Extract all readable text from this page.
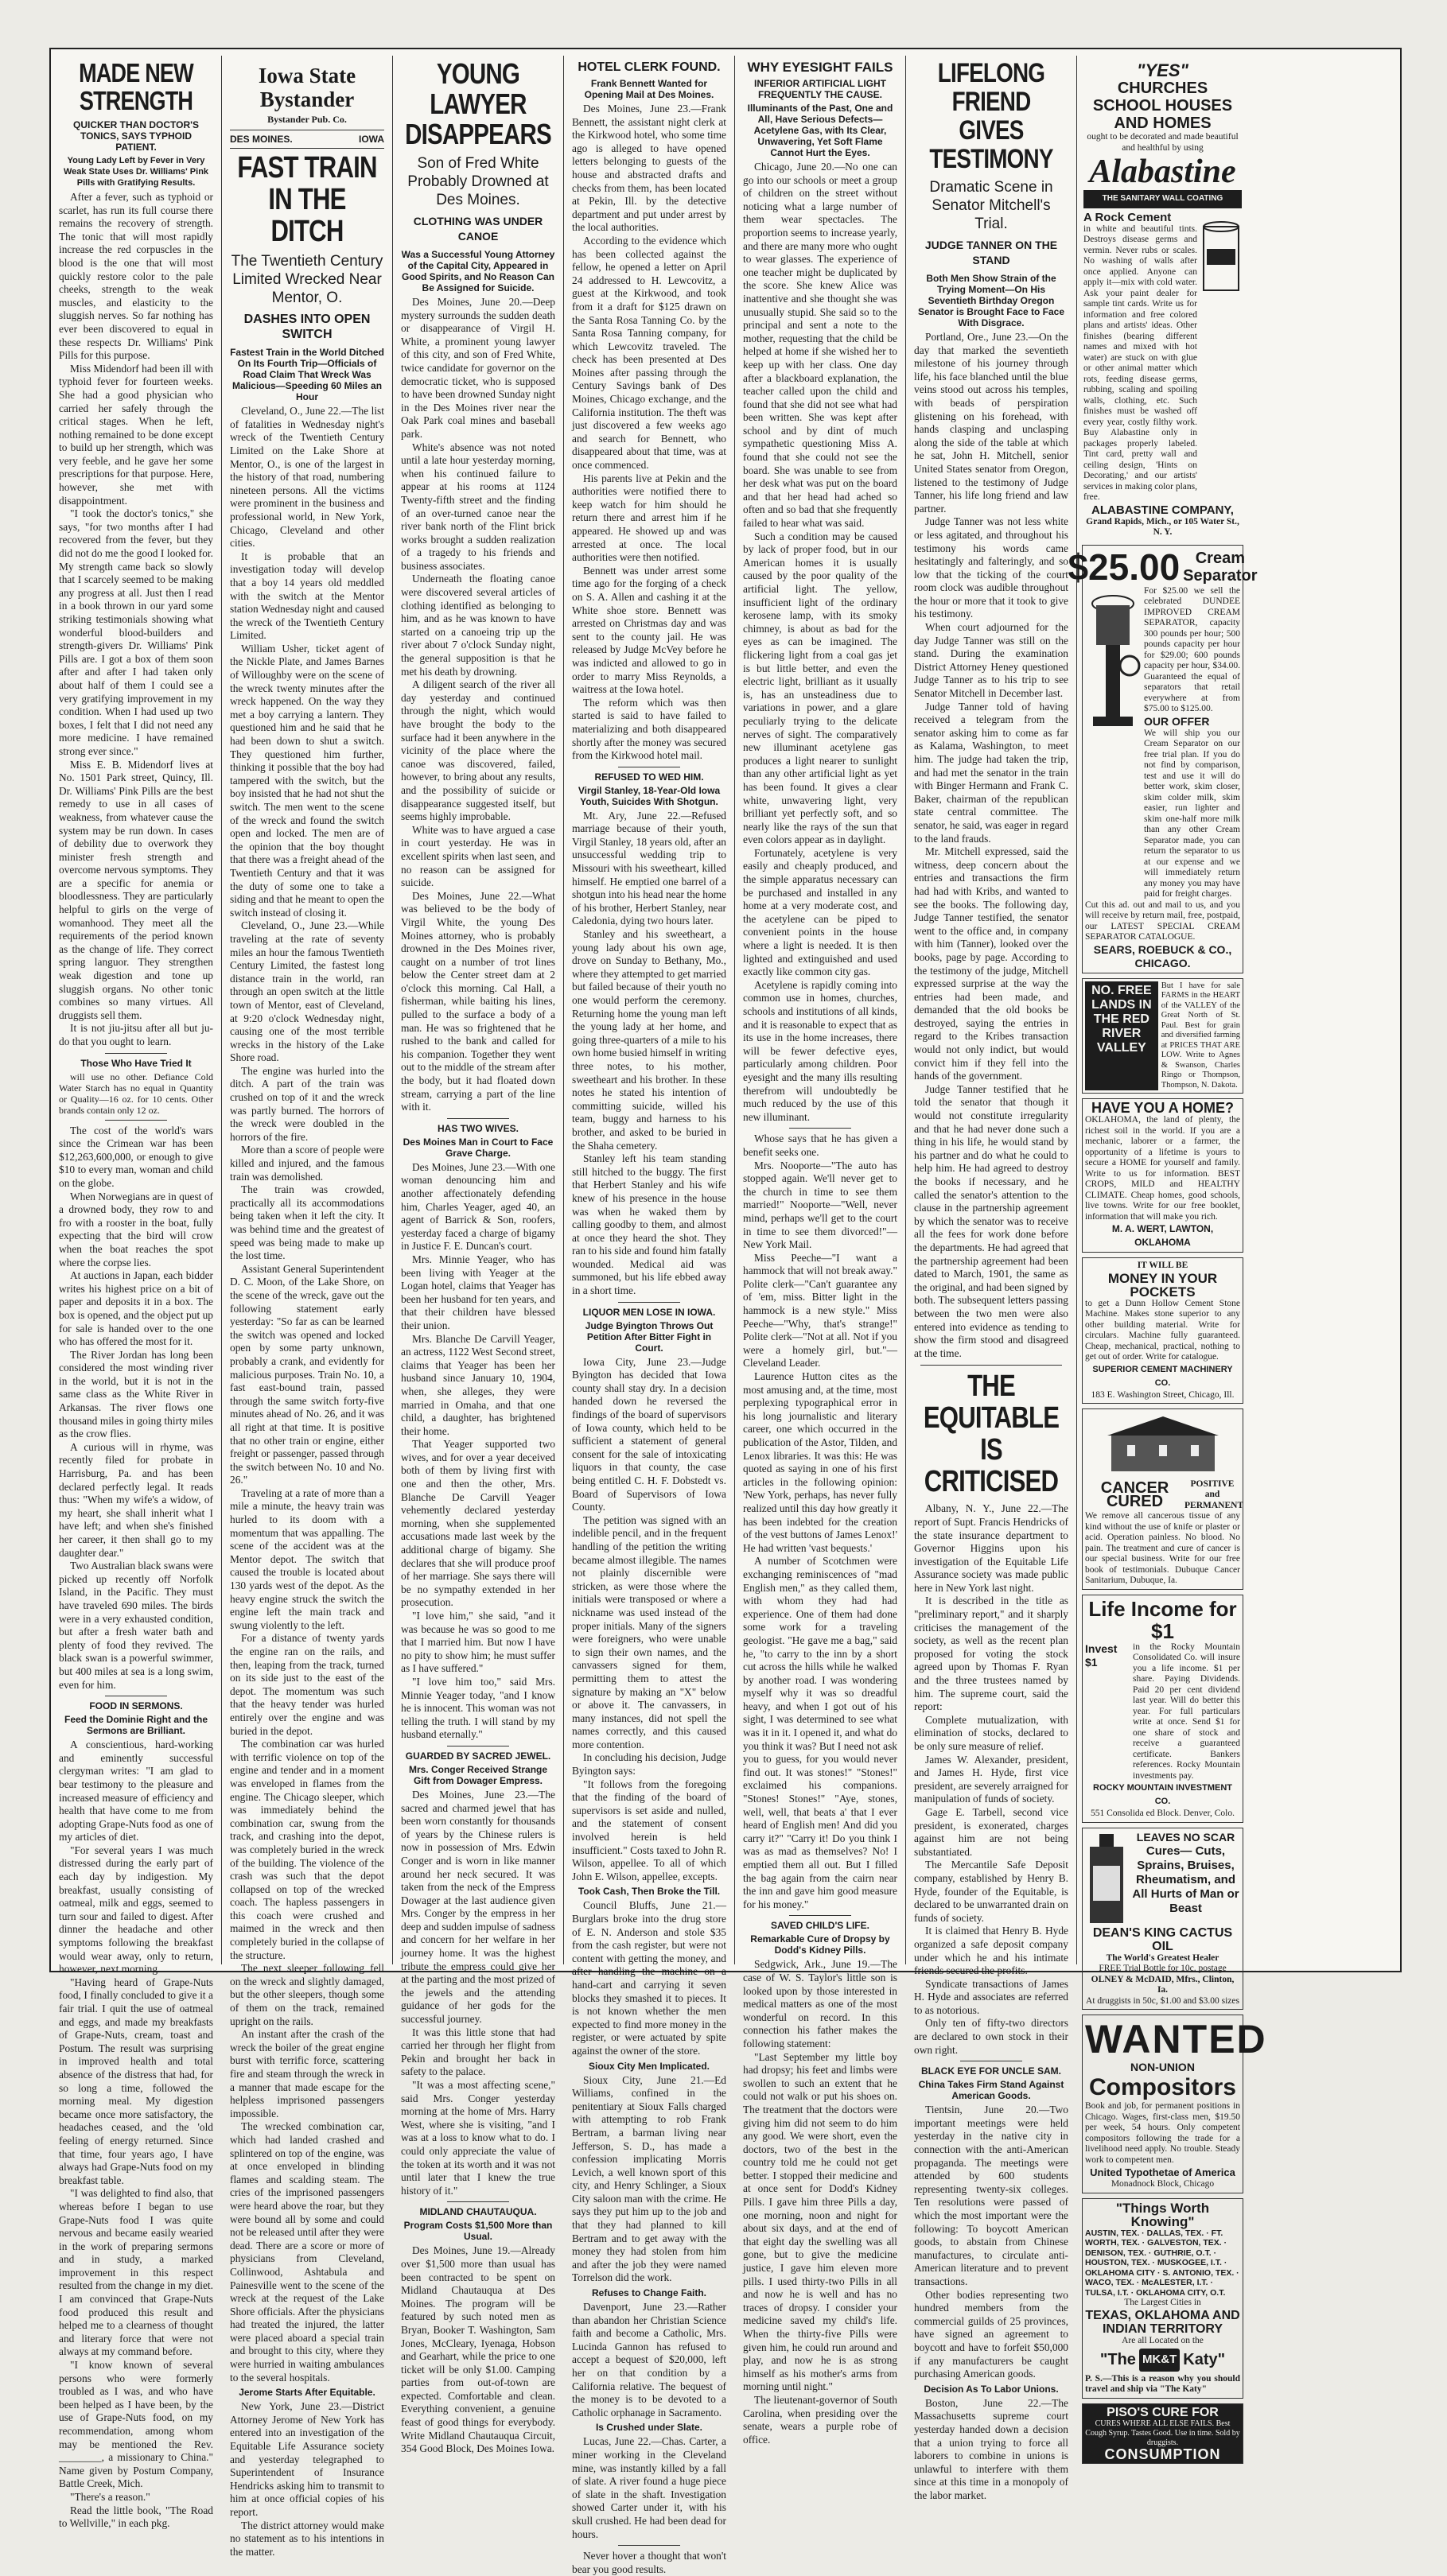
MADE NEW STRENGTH
QUICKER THAN DOCTOR'S TONICS, SAYS TYPHOID PATIENT.
Young Lady Left by Fever in Very Weak State Uses Dr. Williams' Pink Pills with Gratifying Results.

After a fever, such as typhoid or scarlet, has run its full course there remains the recovery of strength. The tonic that will most rapidly increase the red corpuscles in the blood is the one that will most quickly restore color to the pale cheeks, strength to the weak muscles, and elasticity to the sluggish nerves. So far nothing has ever been discovered to equal in these respects Dr. Williams' Pink Pills for this purpose.

Miss Midendorf had been ill with typhoid fever for fourteen weeks. She had a good physician who carried her safely through the critical stages. When he left, nothing remained to be done except to build up her strength, which was very feeble, and he gave her some prescriptions for that purpose. Here, however, she met with disappointment.

"I took the doctor's tonics," she says, "for two months after I had recovered from the fever, but they did not do me the good I looked for. My strength came back so slowly that I scarcely seemed to be making any progress at all. Just then I read in a book thrown in our yard some striking testimonials showing what wonderful blood-builders and strength-givers Dr. Williams' Pink Pills are. I got a box of them soon after and after I had taken only about half of them I could see a very gratifying improvement in my condition. When I had used up two boxes, I felt that I did not need any more medicine. I have remained strong ever since."

Miss E. B. Midendorf lives at No. 1501 Park street, Quincy, Ill. Dr. Williams' Pink Pills are the best remedy to use in all cases of weakness, from whatever cause the system may be run down. In cases of debility due to overwork they minister fresh strength and overcome nervous symptoms. They are a specific for anemia or bloodlessness. They are particularly helpful to girls on the verge of womanhood. They meet all the requirements of the period known as the change of life. They correct spring languor. They strengthen weak digestion and tone up sluggish organs. No other tonic combines so many virtues. All druggists sell them.

It is not jiu-jitsu after all but ju-do that you ought to learn.

Those Who Have Tried It

will use no other. Defiance Cold Water Starch has no equal in Quantity or Quality—16 oz. for 10 cents. Other brands contain only 12 oz.

The cost of the world's wars since the Crimean war has been $12,263,600,000, or enough to give $10 to every man, woman and child on the globe.

When Norwegians are in quest of a drowned body, they row to and fro with a rooster in the boat, fully expecting that the bird will crow when the boat reaches the spot where the corpse lies.

At auctions in Japan, each bidder writes his highest price on a bit of paper and deposits it in a box. The box is opened, and the object put up for sale is handed over to the one who has offered the most for it.

The River Jordan has long been considered the most winding river in the world, but it is not in the same class as the White River in Arkansas. The river flows one thousand miles in going thirty miles as the crow flies.

A curious will in rhyme, was recently filed for probate in Harrisburg, Pa. and has been declared perfectly legal. It reads thus: "When my wife's a widow, of my heart, she shall inherit what I have left; and when she's finished her career, it then shall go to my daughter dear."

Two Australian black swans were picked up recently off Norfolk Island, in the Pacific. They must have traveled 690 miles. The birds were in a very exhausted condition, but after a fresh water bath and plenty of food they revived. The black swan is a powerful swimmer, but 400 miles at sea is a long swim, even for him.

FOOD IN SERMONS.
Feed the Dominie Right and the Sermons are Brilliant.

A conscientious, hard-working and eminently successful clergyman writes: "I am glad to bear testimony to the pleasure and increased measure of efficiency and health that have come to me from adopting Grape-Nuts food as one of my articles of diet.

"For several years I was much distressed during the early part of each day by indigestion. My breakfast, usually consisting of oatmeal, milk and eggs, seemed to turn sour and failed to digest. After dinner the headache and other symptoms following the breakfast would wear away, only to return, however, next morning.

"Having heard of Grape-Nuts food, I finally concluded to give it a fair trial. I quit the use of oatmeal and eggs, and made my breakfasts of Grape-Nuts, cream, toast and Postum. The result was surprising in improved health and total absence of the distress that had, for so long a time, followed the morning meal. My digestion became once more satisfactory, the headaches ceased, and the 'old feeling of energy returned. Since that time, four years ago, I have always had Grape-Nuts food on my breakfast table.

"I was delighted to find also, that whereas before I began to use Grape-Nuts food I was quite nervous and became easily wearied in the work of preparing sermons and in study, a marked improvement in this respect resulted from the change in my diet. I am convinced that Grape-Nuts food produced this result and helped me to a clearness of thought and literary force that were not always at my command before.

"I know known of several persons who were formerly troubled as I was, and who have been helped as I have been, by the use of Grape-Nuts food, on my recommendation, among whom may be mentioned the Rev. ________, a missionary to China." Name given by Postum Company, Battle Creek, Mich.

"There's a reason."

Read the little book, "The Road to Wellville," in each pkg.

Iowa State Bystander
Bystander Pub. Co.
DES MOINES.	IOWA
FAST TRAIN IN THE DITCH
The Twentieth Century Limited Wrecked Near Mentor, O.
DASHES INTO OPEN SWITCH
Fastest Train in the World Ditched On Its Fourth Trip—Officials of Road Claim That Wreck Was Malicious—Speeding 60 Miles an Hour

Cleveland, O., June 22.—The list of fatalities in Wednesday night's wreck of the Twentieth Century Limited on the Lake Shore at Mentor, O., is one of the largest in the history of that road, numbering nineteen persons. All the victims were prominent in the business and professional world, in New York, Chicago, Cleveland and other cities.

It is probable that an investigation today will develop that a boy 14 years old meddled with the switch at the Mentor station Wednesday night and caused the wreck of the Twentieth Century Limited.

William Usher, ticket agent of the Nickle Plate, and James Barnes of Willoughby were on the scene of the wreck twenty minutes after the wreck happened. On the way they met a boy carrying a lantern. They questioned him and he said that he had been down to shut a switch. They questioned him further, thinking it possible that the boy had tampered with the switch, but the boy insisted that he had not shut the switch. The men went to the scene of the wreck and found the switch open and locked. The men are of the opinion that the boy thought that there was a freight ahead of the Twentieth Century and that it was the duty of some one to take a siding and that he meant to open the switch instead of closing it.

Cleveland, O., June 23.—While traveling at the rate of seventy miles an hour the famous Twentieth Century Limited, the fastest long distance train in the world, ran through an open switch at the little town of Mentor, east of Cleveland, at 9:20 o'clock Wednesday night, causing one of the most terrible wrecks in the history of the Lake Shore road.

The engine was hurled into the ditch. A part of the train was crushed on top of it and the wreck was partly burned. The horrors of the wreck were doubled in the horrors of the fire.

More than a score of people were killed and injured, and the famous train was demolished.

The train was crowded, practically all its accommodations being taken when it left the city. It was behind time and the greatest of speed was being made to make up the lost time.

Assistant General Superintendent D. C. Moon, of the Lake Shore, on the scene of the wreck, gave out the following statement early yesterday: "So far as can be learned the switch was opened and locked open by some party unknown, probably a crank, and evidently for malicious purposes. Train No. 10, a fast east-bound train, passed through the same switch forty-five minutes ahead of No. 26, and it was all right at that time. It is positive that no other train or engine, either freight or passenger, passed through the switch between No. 10 and No. 26."

Traveling at a rate of more than a mile a minute, the heavy train was hurled to its doom with a momentum that was appalling. The scene of the accident was at the Mentor depot. The switch that caused the trouble is located about 130 yards west of the depot. As the heavy engine struck the switch the engine left the main track and swung violently to the left.

For a distance of twenty yards the engine ran on the rails, and then, leaping from the track, turned on its side just to the east of the depot. The momentum was such that the heavy tender was hurled entirely over the engine and was buried in the depot.

The combination car was hurled with terrific violence on top of the engine and tender and in a moment was enveloped in flames from the engine. The Chicago sleeper, which was immediately behind the combination car, swung from the track, and crashing into the depot, was completely buried in the wreck of the building. The violence of the crash was such that the depot collapsed on top of the wrecked coach. The hapless passengers in this coach were crushed and maimed in the wreck and then completely buried in the collapse of the structure.

The next sleeper following fell on the wreck and slightly damaged, but the other sleepers, though some of them on the track, remained upright on the rails.

An instant after the crash of the wreck the boiler of the great engine burst with terrific force, scattering fire and steam through the wreck in a manner that made escape for the helpless imprisoned passengers impossible.

The wrecked combination car, which had landed crashed and splintered on top of the engine, was at once enveloped in blinding flames and scalding steam. The cries of the imprisoned passengers were heard above the roar, but they were bound all by some and could not be released until after they were dead. There are a score or more of physicians from Cleveland, Collinwood, Ashtabula and Painesville went to the scene of the wreck at the request of the Lake Shore officials. After the physicians had treated the injured, the latter were placed aboard a special train and brought to this city, where they were hurried in waiting ambulances to the several hospitals.

Jerome Starts After Equitable.

New York, June 23.—District Attorney Jerome of New York has entered into an investigation of the Equitable Life Assurance society and yesterday telegraphed to Superintendent of Insurance Hendricks asking him to transmit to him at once official copies of his report.

The district attorney would make no statement as to his intentions in the matter.

YOUNG LAWYER DISAPPEARS
Son of Fred White Probably Drowned at Des Moines.
CLOTHING WAS UNDER CANOE
Was a Successful Young Attorney of the Capital City, Appeared in Good Spirits, and No Reason Can Be Assigned for Suicide.

Des Moines, June 20.—Deep mystery surrounds the sudden death or disappearance of Virgil H. White, a prominent young lawyer of this city, and son of Fred White, twice candidate for governor on the democratic ticket, who is supposed to have been drowned Sunday night in the Des Moines river near the Oak Park coal mines and baseball park.

White's absence was not noted until a late hour yesterday morning, when his continued failure to appear at his rooms at 1124 Twenty-fifth street and the finding of an over-turned canoe near the river bank north of the Flint brick works brought a sudden realization of a tragedy to his friends and business associates.

Underneath the floating canoe were discovered several articles of clothing identified as belonging to him, and as he was known to have started on a canoeing trip up the river about 7 o'clock Sunday night, the general supposition is that he met his death by drowning.

A diligent search of the river all day yesterday and continued through the night, which would have brought the body to the surface had it been anywhere in the vicinity of the place where the canoe was discovered, failed, however, to bring about any results, and the possibility of suicide or disappearance suggested itself, but seems highly improbable.

White was to have argued a case in court yesterday. He was in excellent spirits when last seen, and no reason can be assigned for suicide.

Des Moines, June 22.—What was believed to be the body of Virgil White, the young Des Moines attorney, who is probably drowned in the Des Moines river, caught on a number of trot lines below the Center street dam at 2 o'clock this morning. Cal Hall, a fisherman, while baiting his lines, pulled to the surface a body of a man. He was so frightened that he rushed to the bank and called for his companion. Together they went out to the middle of the stream after the body, but it had floated down stream, carrying a part of the line with it.

HAS TWO WIVES.
Des Moines Man in Court to Face Grave Charge.

Des Moines, June 23.—With one woman denouncing him and another affectionately defending him, Charles Yeager, aged 40, an agent of Barrick & Son, roofers, yesterday faced a charge of bigamy in Justice F. E. Duncan's court.

Mrs. Minnie Yeager, who has been living with Yeager at the Logan hotel, claims that Yeager has been her husband for ten years, and that their children have blessed their union.

Mrs. Blanche De Carvill Yeager, an actress, 1122 West Second street, claims that Yeager has been her husband since January 10, 1904, when, she alleges, they were married in Omaha, and that one child, a daughter, has brightened their home.

That Yeager supported two wives, and for over a year deceived both of them by living first with one and then the other, Mrs. Blanche De Carvill Yeager vehemently declared yesterday morning, when she supplemented accusations made last week by the additional charge of bigamy. She declares that she will produce proof of her marriage. She says there will be no sympathy extended in her prosecution.

"I love him," she said, "and it was because he was so good to me that I married him. But now I have no pity to show him; he must suffer as I have suffered."

"I love him too," said Mrs. Minnie Yeager today, "and I know he is innocent. This woman was not telling the truth. I will stand by my husband eternally."

GUARDED BY SACRED JEWEL.
Mrs. Conger Received Strange Gift from Dowager Empress.

Des Moines, June 23.—The sacred and charmed jewel that has been worn constantly for thousands of years by the Chinese rulers is now in possession of Mrs. Edwin Conger and is worn in like manner around her neck secured. It was taken from the neck of the Empress Dowager at the last audience given Mrs. Conger by the empress in her deep and sudden impulse of sadness and concern for her welfare in her journey home. It was the highest tribute the empress could give her at the parting and the most prized of the jewels and the attending guidance of her gods for the successful journey.

It was this little stone that had carried her through her flight from Pekin and brought her back in safety to the palace.

"It was a most affecting scene," said Mrs. Conger yesterday morning at the home of Mrs. Harry West, where she is visiting, "and I was at a loss to know what to do. I could only appreciate the value of the token at its worth and it was not until later that I knew the true history of it."

MIDLAND CHAUTAUQUA.
Program Costs $1,500 More than Usual.

Des Moines, June 19.—Already over $1,500 more than usual has been contracted to be spent on Midland Chautauqua at Des Moines. The program will be featured by such noted men as Bryan, Booker T. Washington, Sam Jones, McCleary, Iyenaga, Hobson and Gearhart, while the price to one ticket will be only $1.00. Camping parties from out-of-town are expected. Comfortable and clean. Everything convenient, a genuine feast of good things for everybody. Write Midland Chautauqua Circuit, 354 Good Block, Des Moines Iowa.

HOTEL CLERK FOUND.
Frank Bennett Wanted for Opening Mail at Des Moines.

Des Moines, June 23.—Frank Bennett, the assistant night clerk at the Kirkwood hotel, who some time ago is alleged to have opened letters belonging to guests of the house and abstracted drafts and checks from them, has been located at Pekin, Ill. by the detective department and put under arrest by the local authorities.

According to the evidence which has been collected against the fellow, he opened a letter on April 24 addressed to H. Lewcovitz, a guest at the Kirkwood, and took from it a draft for $125 drawn on the Santa Rosa Tanning Co. by the Santa Rosa Tanning company, for which Lewcovitz traveled. The check has been presented at Des Moines after passing through the Century Savings bank of Des Moines, Chicago exchange, and the California institution. The theft was just discovered a few weeks ago and search for Bennett, who disappeared about that time, was at once commenced.

His parents live at Pekin and the authorities were notified there to keep watch for him should he return there and arrest him if he appeared. He showed up and was arrested at once. The local authorities were then notified.

Bennett was under arrest some time ago for the forging of a check on S. A. Allen and cashing it at the White shoe store. Bennett was arrested on Christmas day and was sent to the county jail. He was released by Judge McVey before he was indicted and allowed to go in order to marry Miss Reynolds, a waitress at the Iowa hotel.

The reform which was then started is said to have failed to materializing and both disappeared shortly after the money was secured from the Kirkwood hotel mail.

REFUSED TO WED HIM.
Virgil Stanley, 18-Year-Old Iowa Youth, Suicides With Shotgun.

Mt. Ary, June 22.—Refused marriage because of their youth, Virgil Stanley, 18 years old, after an unsuccessful wedding trip to Missouri with his sweetheart, killed himself. He emptied one barrel of a shotgun into his head near the home of his brother, Herbert Stanley, near Caledonia, dying two hours later.

Stanley and his sweetheart, a young lady about his own age, drove on Sunday to Bethany, Mo., where they attempted to get married but failed because of their youth no one would perform the ceremony. Returning home the young man left the young lady at her home, and going three-quarters of a mile to his own home busied himself in writing three notes, to his mother, sweetheart and his brother. In these notes he stated his intention of committing suicide, willed his team, buggy and harness to his brother, and asked to be buried in the Shaha cemetery.

Stanley left his team standing still hitched to the buggy. The first that Herbert Stanley and his wife knew of his presence in the house was when he waked them by calling goodby to them, and almost at once they heard the shot. They ran to his side and found him fatally wounded. Medical aid was summoned, but his life ebbed away in a short time.

LIQUOR MEN LOSE IN IOWA.
Judge Byington Throws Out Petition After Bitter Fight in Court.

Iowa City, June 23.—Judge Byington has decided that Iowa county shall stay dry. In a decision handed down he reversed the findings of the board of supervisors of Iowa county, which held to be sufficient a statement of general consent for the sale of intoxicating liquors in that county, the case being entitled C. H. F. Dobstedt vs. Board of Supervisors of Iowa County.

The petition was signed with an indelible pencil, and in the frequent handling of the petition the writing became almost illegible. The names not plainly discernible were stricken, as were those where the initials were transposed or where a nickname was used instead of the proper initials. Many of the signers were foreigners, who were unable to sign their own names, and the canvassers signed for them, permitting them to attest the signature by making an "X" below or above it. The canvassers, in many instances, did not spell the names correctly, and this caused more contention.

In concluding his decision, Judge Byington says:

"It follows from the foregoing that the finding of the board of supervisors is set aside and nulled, and the statement of consent involved herein is held insufficient." Costs taxed to John R. Wilson, appellee. To all of which John E. Wilson, appellee, excepts.

Took Cash, Then Broke the Till.

Council Bluffs, June 21.—Burglars broke into the drug store of E. N. Anderson and stole $35 from the cash register, but were not content with getting the money, and after handling the machine on a hand-cart and carrying it seven blocks they smashed it to pieces. It is not known whether the men expected to find more money in the register, or were actuated by spite against the owner of the store.

Sioux City Men Implicated.

Sioux City, June 21.—Ed Williams, confined in the penitentiary at Sioux Falls charged with attempting to rob Frank Bertram, a barman living near Jefferson, S. D., has made a confession implicating Morris Levich, a well known sport of this city, and Henry Schlinger, a Sioux City saloon man with the crime. He says they put him up to the job and that they had planned to kill Bertram and to get away with the money they had stolen from him and after the job they were named Torrelson did the work.

Refuses to Change Faith.

Davenport, June 23.—Rather than abandon her Christian Science faith and become a Catholic, Mrs. Lucinda Gannon has refused to accept a bequest of $20,000, left her on that condition by a California relative. The bequest of the money is to be devoted to a Catholic orphanage in Sacramento.

Is Crushed under Slate.

Lucas, June 22.—Chas. Carter, a miner working in the Cleveland mine, was instantly killed by a fall of slate. A river found a huge piece of slate in the shaft. Investigation showed Carter under it, with his skull crushed. He had been dead for hours.

Never hover a thought that won't bear you good results.

WHY EYESIGHT FAILS
INFERIOR ARTIFICIAL LIGHT FREQUENTLY THE CAUSE.
Illuminants of the Past, One and All, Have Serious Defects—Acetylene Gas, with Its Clear, Unwavering, Yet Soft Flame Cannot Hurt the Eyes.

Chicago, June 20.—No one can go into our schools or meet a group of children on the street without noticing what a large number of them wear spectacles. The proportion seems to increase yearly, and there are many more who ought to wear glasses. The experience of one teacher might be duplicated by the score. She knew Alice was inattentive and she thought she was unusually stupid. She said so to the principal and sent a note to the mother, requesting that the child be helped at home if she wished her to keep up with her class. One day after a blackboard explanation, the teacher called upon the child and found that she did not see what had been written. She was kept after school and by dint of much sympathetic questioning Miss A. found that she could not see the board. She was unable to see from her desk what was put on the board and that her head had ached so often and so bad that she frequently failed to hear what was said.

Such a condition may be caused by lack of proper food, but in our American homes it is usually caused by the poor quality of the artificial light. The yellow, insufficient light of the ordinary kerosene lamp, with its smoky chimney, is about as bad for the eyes as can be imagined. The flickering light from a coal gas jet is but little better, and even the electric light, brilliant as it usually is, has an unsteadiness due to variations in power, and a glare peculiarly trying to the delicate nerves of sight. The comparatively new illuminant acetylene gas produces a light nearer to sunlight than any other artificial light as yet has been found. It gives a clear white, unwavering light, very brilliant yet perfectly soft, and so nearly like the rays of the sun that even colors appear as in daylight.

Fortunately, acetylene is very easily and cheaply produced, and the simple apparatus necessary can be purchased and installed in any home at a very moderate cost, and the acetylene can be piped to convenient points in the house where a light is needed. It is then lighted and extinguished and used exactly like common city gas.

Acetylene is rapidly coming into common use in homes, churches, schools and institutions of all kinds, and it is reasonable to expect that as its use in the home increases, there will be fewer defective eyes, particularly among children. Poor eyesight and the many ills resulting therefrom will undoubtedly be much reduced by the use of this new illuminant.

Whose says that he has given a benefit seeks one.

Mrs. Nooporte—"The auto has stopped again. We'll never get to the church in time to see them married!" Nooporte—"Well, never mind, perhaps we'll get to the court in time to see them divorced!"—New York Mail.

Miss Peeche—"I want a hammock that will not break away." Polite clerk—"Can't guarantee any of 'em, miss. Bitter light in the hammock is a new style." Miss Peeche—"Why, that's strange!" Polite clerk—"Not at all. Not if you were a homely girl, but."—Cleveland Leader.

Laurence Hutton cites as the most amusing and, at the time, most perplexing typographical error in his long journalistic and literary career, one which occurred in the publication of the Astor, Tilden, and Lenox libraries. It was this: He was quoted as saying in one of his first articles in the following opinion: 'New York, perhaps, has never fully realized until this day how greatly it has been indebted for the creation of the vest buttons of James Lenox!' He had written 'vast bequests.'

A number of Scotchmen were exchanging reminiscences of "mad English men," as they called them, with whom they had had experience. One of them had done some work for a traveling geologist. "He gave me a bag," said he, "to carry to the inn by a short cut across the hills while he walked by another road. I was wondering myself why it was so dreadful heavy, and when I got out of his sight, I was determined to see what was it in it. I opened it, and what do you think it was? But I need not ask you to guess, for you would never find out. It was stones!" "Stones!" exclaimed his companions. "Stones! Stones!" "Aye, stones, well, well, that beats a' that I ever heard of English men! And did you carry it?" "Carry it! Do you think I was as mad as themselves? No! I emptied them all out. But I filled the bag again from the cairn near the inn and gave him good measure for his money."

SAVED CHILD'S LIFE.
Remarkable Cure of Dropsy by Dodd's Kidney Pills.

Sedgwick, Ark., June 19.—The case of W. S. Taylor's little son is looked upon by those interested in medical matters as one of the most wonderful on record. In this connection his father makes the following statement:

"Last September my little boy had dropsy; his feet and limbs were swollen to such an extent that he could not walk or put his shoes on. The treatment that the doctors were giving him did not seem to do him any good. We were short, even the doctors, two of the best in the country told me he could not get better. I stopped their medicine and at once sent for Dodd's Kidney Pills. I gave him three Pills a day, one morning, noon and night for about six days, and at the end of that eight day the swelling was all gone, but to give the medicine justice, I gave him eleven more pills. I used thirty-two Pills in all and now he is well and has no traces of dropsy. I consider your medicine saved my child's life. When the thirty-five Pills were given him, he could run around and play, and now he is as strong himself as his mother's arms from morning until night."

The lieutenant-governor of South Carolina, when presiding over the senate, wears a purple robe of office.

LIFELONG FRIEND GIVES TESTIMONY
Dramatic Scene in Senator Mitchell's Trial.
JUDGE TANNER ON THE STAND
Both Men Show Strain of the Trying Moment—On His Seventieth Birthday Oregon Senator is Brought Face to Face With Disgrace.

Portland, Ore., June 23.—On the day that marked the seventieth milestone of his journey through life, his face blanched until the blue veins stood out across his temples, with beads of perspiration glistening on his forehead, with hands clasping and unclasping along the side of the table at which he sat, John H. Mitchell, senior United States senator from Oregon, listened to the testimony of Judge Tanner, his life long friend and law partner.

Judge Tanner was not less white or less agitated, and throughout his testimony his words came hesitatingly and falteringly, and so low that the ticking of the court room clock was audible throughout the hour or more that it took to give his testimony.

When court adjourned for the day Judge Tanner was still on the stand. During the examination District Attorney Heney questioned Judge Tanner as to his trip to see Senator Mitchell in December last.

Judge Tanner told of having received a telegram from the senator asking him to come as far as Kalama, Washington, to meet him. The judge had taken the trip, and had met the senator in the train with Binger Hermann and Frank C. Baker, chairman of the republican state central committee. The senator, he said, was eager in regard to the land frauds.

Mr. Mitchell expressed, said the witness, deep concern about the entries and transactions the firm had had with Kribs, and wanted to see the books. The following day, Judge Tanner testified, the senator went to the office and, in company with him (Tanner), looked over the books, page by page. According to the testimony of the judge, Mitchell expressed surprise at the way the entries had been made, and demanded that the old books be destroyed, saying the entries in regard to the Kribes transaction would not only indict, but would convict him if they fell into the hands of the government.

Judge Tanner testified that he told the senator that though it would not constitute irregularity and that he had never done such a thing in his life, he would stand by his partner and do what he could to help him. He had agreed to destroy the books if necessary, and he called the senator's attention to the clause in the partnership agreement by which the senator was to receive all the fees for work done before the departments. He had agreed that the partnership agreement had been dated to March, 1901, the same as the original, and had been signed by both. The subsequent letters passing between the two men were also entered into evidence as tending to show the firm stood and disagreed at the time.

THE EQUITABLE IS CRITICISED

Albany, N. Y., June 22.—The report of Supt. Francis Hendricks of the state insurance department to Governor Higgins upon his investigation of the Equitable Life Assurance society was made public here in New York last night.

It is described in the title as "preliminary report," and it sharply criticises the management of the society, as well as the recent plan proposed for voting the stock agreed upon by Thomas F. Ryan and the three trustees named by him. The supreme court, said the report:

Complete mutualization, with elimination of stocks, declared to be only sure measure of relief.

James W. Alexander, president, and James H. Hyde, first vice president, are severely arraigned for manipulation of funds of society.

Gage E. Tarbell, second vice president, is exonerated, charges against him are not being substantiated.

The Mercantile Safe Deposit company, established by Henry B. Hyde, founder of the Equitable, is declared to be unwarranted drain on funds of society.

It is claimed that Henry B. Hyde organized a safe deposit company under which he and his intimate friends secured the profits.

Syndicate transactions of James H. Hyde and associates are referred to as notorious.

Only ten of fifty-two directors are declared to own stock in their own right.

BLACK EYE FOR UNCLE SAM.
China Takes Firm Stand Against American Goods.

Tientsin, June 20.—Two important meetings were held yesterday in the native city in connection with the anti-American propaganda. The meetings were attended by 600 students representing twenty-six colleges. Ten resolutions were passed of which the most important were the following: To boycott American goods, to abstain from Chinese manufactures, to circulate anti-American literature and to prevent transactions.

Other bodies representing two hundred members from the commercial guilds of 25 provinces, have signed an agreement to boycott and have to forfeit $50,000 if any manufacturers be caught purchasing American goods.

Decision As To Labor Unions.

Boston, June 22.—The Massachusetts supreme court yesterday handed down a decision that a union trying to force all laborers to combine in unions is unlawful to interfere with them since at this time in a monopoly of the labor market.

"YES"
CHURCHES
SCHOOL HOUSES
AND HOMES
ought to be decorated and made beautiful and healthful by using
Alabastine
THE SANITARY WALL COATING
A Rock Cement
in white and beautiful tints. Destroys disease germs and vermin. Never rubs or scales. No washing of walls after once applied. Anyone can apply it—mix with cold water. Ask your paint dealer for sample tint cards. Write us for information and free colored plans and artists' ideas. Other finishes (bearing different names and mixed with hot water) are stuck on with glue or other animal matter which rots, feeding disease germs, rubbing, scaling and spoiling walls, clothing, etc. Such finishes must be washed off every year, costly filthy work. Buy Alabastine only in packages properly labeled. Tint card, pretty wall and ceiling design, 'Hints on Decorating,' and our artists' services in making color plans, free.
ALABASTINE COMPANY,
Grand Rapids, Mich., or 105 Water St., N. Y.
$25.00 Cream Separator
For $25.00 we sell the celebrated DUNDEE IMPROVED CREAM SEPARATOR, capacity 300 pounds per hour; 500 pounds capacity per hour for $29.00; 600 pounds capacity per hour, $34.00. Guaranteed the equal of separators that retail everywhere at from $75.00 to $125.00.
OUR OFFER
We will ship you our Cream Separator on our free trial plan. If you do not find by comparison, test and use it will do better work, skim closer, skim colder milk, skim easier, run lighter and skim one-half more milk than any other Cream Separator made, you can return the separator to us at our expense and we will immediately return any money you may have paid for freight charges.
Cut this ad. out and mail to us, and you will receive by return mail, free, postpaid, our LATEST SPECIAL CREAM SEPARATOR CATALOGUE.
SEARS, ROEBUCK & CO., CHICAGO.
NO. FREE LANDS IN THE RED RIVER VALLEY
But I have for sale FARMS in the HEART of the VALLEY of the Great North of St. Paul. Best for grain and diversified farming at PRICES THAT ARE LOW. Write to Agnes & Swanson, Charles Ringo or Thompson, Thompson, N. Dakota.
HAVE YOU A HOME?
OKLAHOMA, the land of plenty, the richest soil in the world. If you are a mechanic, laborer or a farmer, the opportunity of a lifetime is yours to secure a HOME for yourself and family. Write to us for information. BEST CROPS, MILD and HEALTHY CLIMATE. Cheap homes, good schools, live towns. Write for our free booklet, information that will make you rich.
M. A. WERT, LAWTON, OKLAHOMA
IT WILL BE
MONEY IN YOUR POCKETS
to get a Dunn Hollow Cement Stone Machine. Makes stone superior to any other building material. Write for circulars. Machine fully guaranteed. Cheap, mechanical, practical, nothing to get out of order. Write for catalogue.
SUPERIOR CEMENT MACHINERY CO.
183 E. Washington Street, Chicago, Ill.
CANCER CURED
POSITIVE and PERMANENT
We remove all cancerous tissue of any kind without the use of knife or plaster or acid. Operation painless. No blood. No pain. The treatment and cure of cancer is our special business. Write for our free book of testimonials. Dubuque Cancer Sanitarium, Dubuque, Ia.
Life Income for $1
Invest $1
in the Rocky Mountain Consolidated Co. will insure you a life income. $1 per share. Paying Dividends. Paid 20 per cent dividend last year. Will do better this year. For full particulars write at once. Send $1 for one share of stock and receive a guaranteed certificate. Bankers references. Rocky Mountain investments pay.
ROCKY MOUNTAIN INVESTMENT CO.
551 Consolida ed Block. Denver, Colo.
LEAVES NO SCAR
Cures— Cuts, Sprains, Bruises, Rheumatism, and All Hurts of Man or Beast
DEAN'S KING CACTUS OIL
The World's Greatest Healer
FREE Trial Bottle for 10c. postage
OLNEY & McDAID, Mfrs., Clinton, Ia.
At druggists in 50c, $1.00 and $3.00 sizes
WANTED
NON-UNION
Compositors
Book and job, for permanent positions in Chicago. Wages, first-class men, $19.50 per week, 54 hours. Only competent compositors following the trade for a livelihood need apply. No trouble. Steady work to competent men.
United Typothetae of America
Monadnock Block, Chicago
"Things Worth Knowing"
AUSTIN, TEX. · DALLAS, TEX. · FT. WORTH, TEX. · GALVESTON, TEX. · DENISON, TEX. · GUTHRIE, O.T. · HOUSTON, TEX. · MUSKOGEE, I.T. · OKLAHOMA CITY · S. ANTONIO, TEX. · WACO, TEX. · McALESTER, I.T. · TULSA, I.T. · OKLAHOMA CITY, O.T.
The Largest Cities in
TEXAS, OKLAHOMA AND INDIAN TERRITORY
Are all Located on the
"The MK&T Katy"
P. S.—This is a reason why you should travel and ship via "The Katy"
PISO'S CURE FOR
CURES WHERE ALL ELSE FAILS. Best Cough Syrup. Tastes Good. Use in time. Sold by druggists.
CONSUMPTION
